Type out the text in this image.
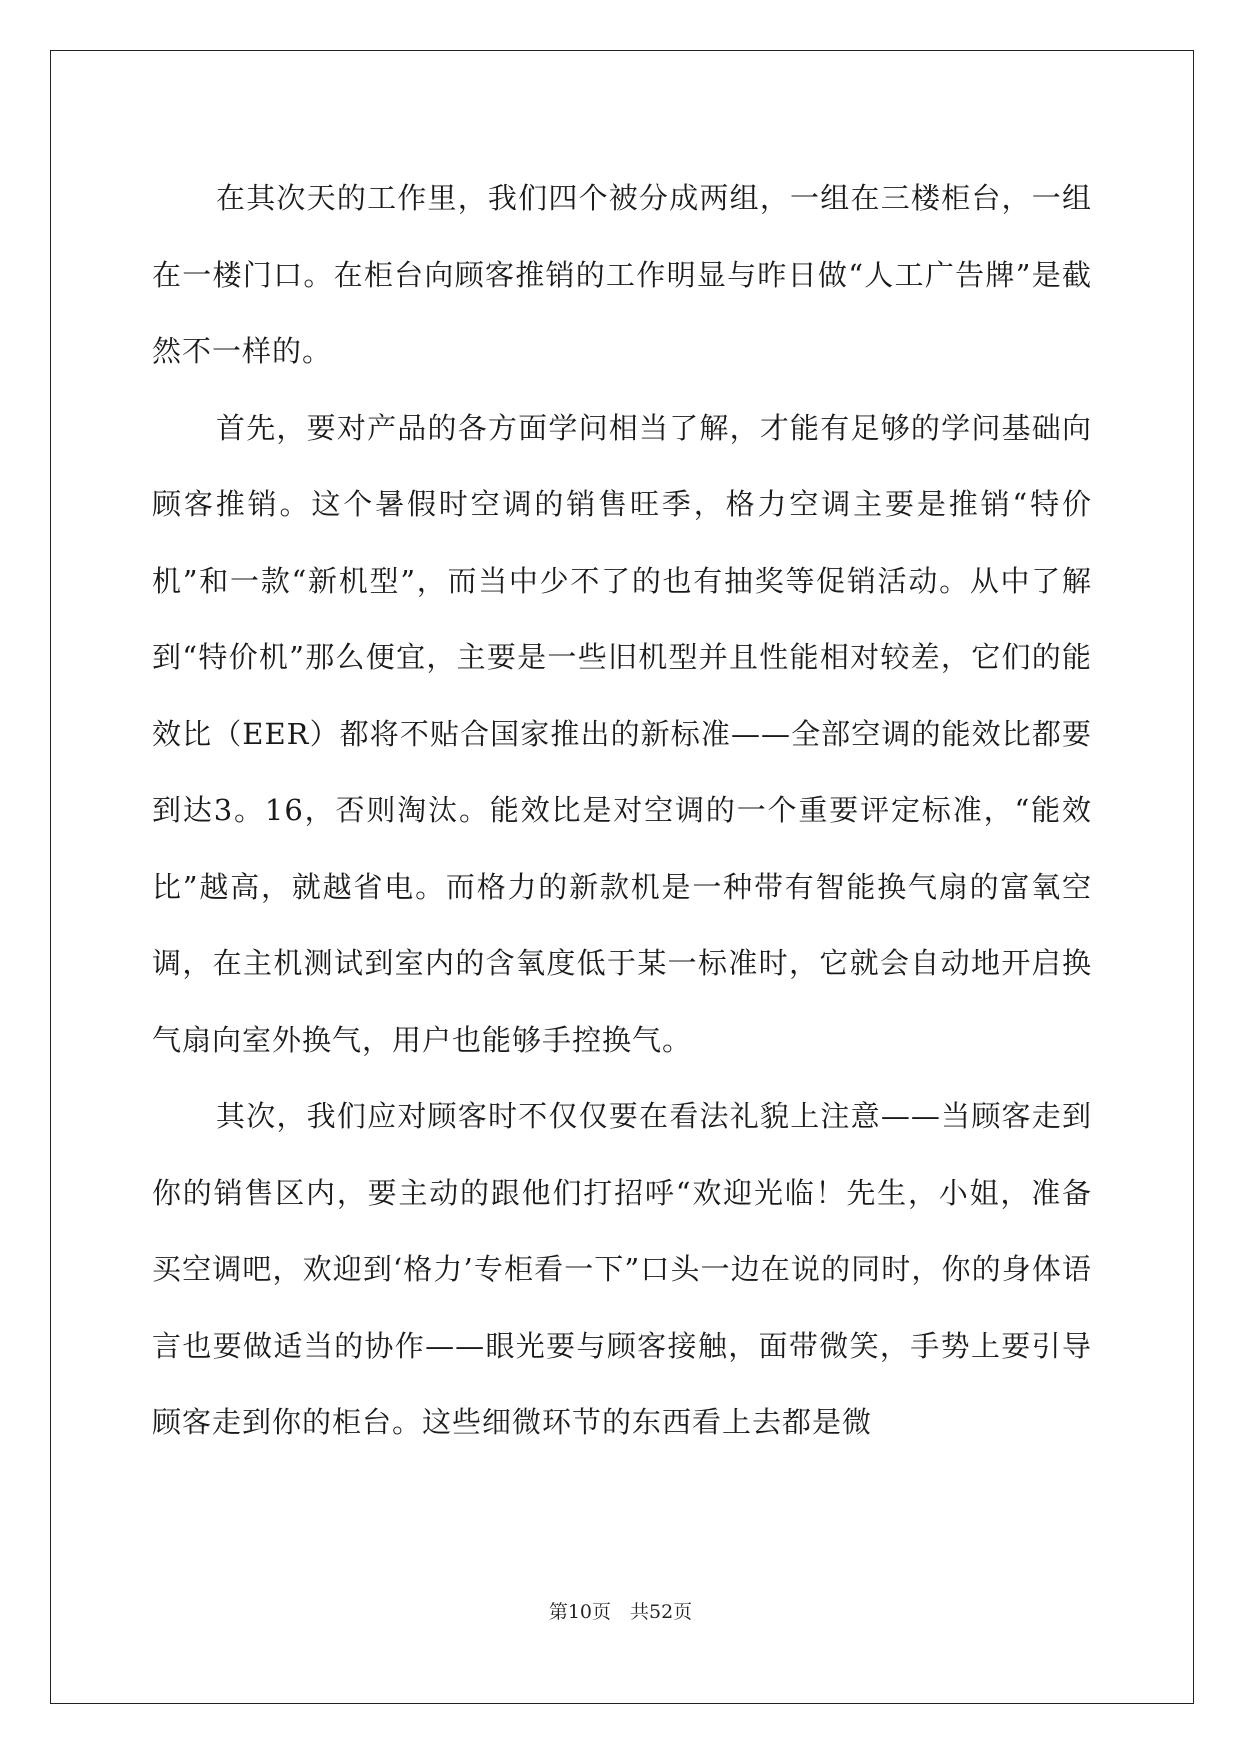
在其次天的工作里，我们四个被分成两组，一组在三楼柜台，一组在一楼门口。在柜台向顾客推销的工作明显与昨日做“人工广告牌”是截然不一样的。

首先，要对产品的各方面学问相当了解，才能有足够的学问基础向顾客推销。这个暑假时空调的销售旺季，格力空调主要是推销“特价机”和一款“新机型”，而当中少不了的也有抽奖等促销活动。从中了解到“特价机”那么便宜，主要是一些旧机型并且性能相对较差，它们的能效比（EER）都将不贴合国家推出的新标准——全部空调的能效比都要到达3。16，否则淘汰。能效比是对空调的一个重要评定标准，“能效比”越高，就越省电。而格力的新款机是一种带有智能换气扇的富氧空调，在主机测试到室内的含氧度低于某一标准时，它就会自动地开启换气扇向室外换气，用户也能够手控换气。

其次，我们应对顾客时不仅仅要在看法礼貌上注意——当顾客走到你的销售区内，要主动的跟他们打招呼“欢迎光临！先生，小姐，准备买空调吧，欢迎到‘格力’专柜看一下”口头一边在说的同时，你的身体语言也要做适当的协作——眼光要与顾客接触，面带微笑，手势上要引导顾客走到你的柜台。这些细微环节的东西看上去都是微

第10页　共52页
